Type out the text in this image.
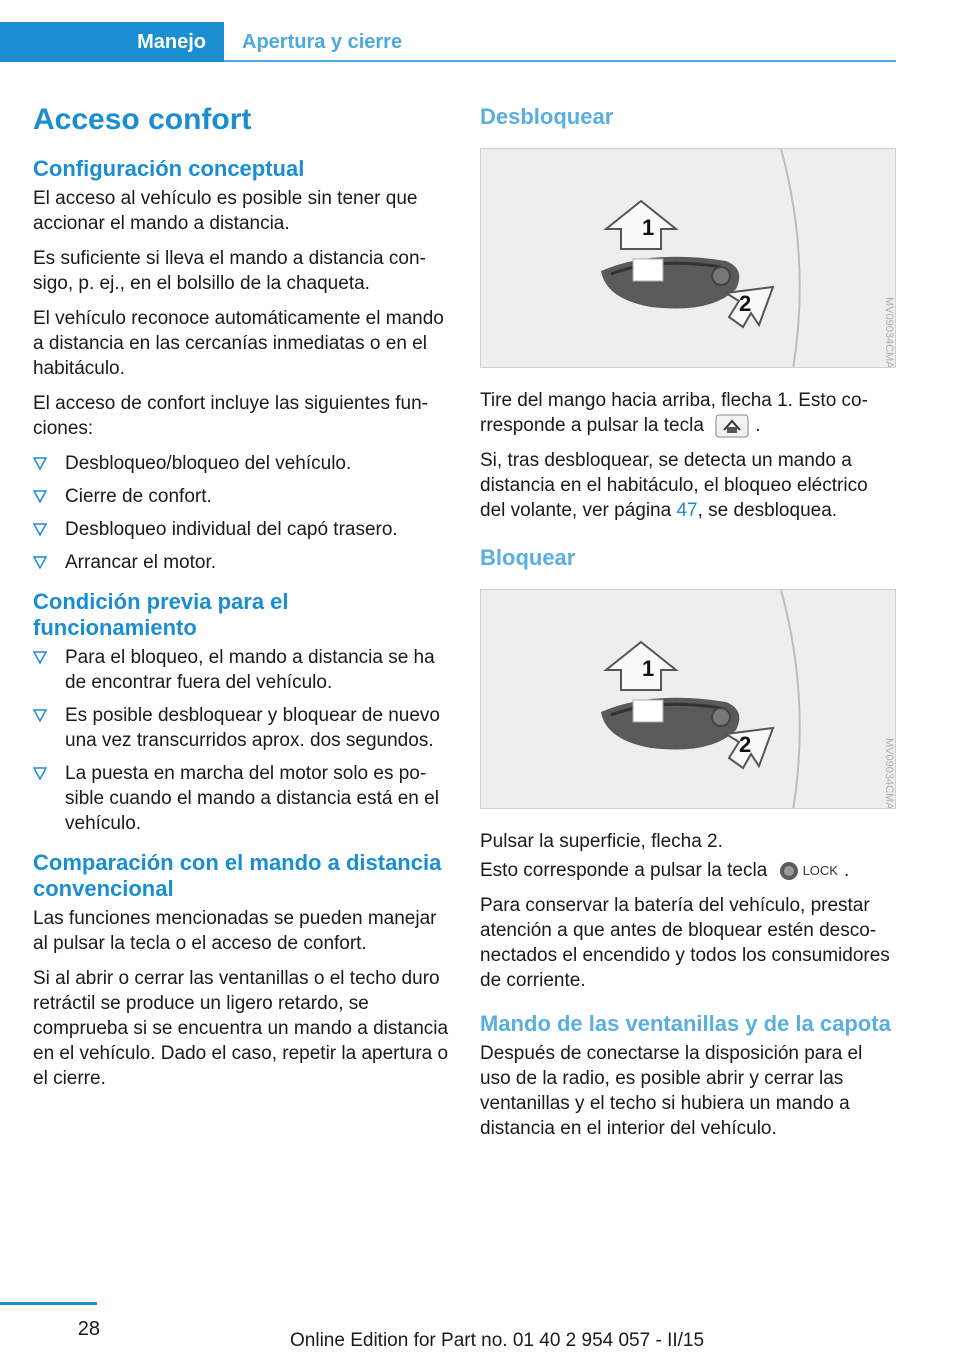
Manejo	Apertura y cierre
Acceso confort
Configuración conceptual

El acceso al vehículo es posible sin tener que accionar el mando a distancia.

Es suficiente si lleva el mando a distancia consigo, p. ej., en el bolsillo de la chaqueta.

El vehículo reconoce automáticamente el mando a distancia en las cercanías inmediatas o en el habitáculo.

El acceso de confort incluye las siguientes funciones:

Desbloqueo/bloqueo del vehículo.
Cierre de confort.
Desbloqueo individual del capó trasero.
Arrancar el motor.
Condición previa para el funcionamiento
Para el bloqueo, el mando a distancia se ha de encontrar fuera del vehículo.
Es posible desbloquear y bloquear de nuevo una vez transcurridos aprox. dos segundos.
La puesta en marcha del motor solo es posible cuando el mando a distancia está en el vehículo.
Comparación con el mando a distancia convencional

Las funciones mencionadas se pueden manejar al pulsar la tecla o el acceso de confort.

Si al abrir o cerrar las ventanillas o el techo duro retráctil se produce un ligero retardo, se comprueba si se encuentra un mando a distancia en el vehículo. Dado el caso, repetir la apertura o el cierre.

Desbloquear
1
2

Tire del mango hacia arriba, flecha 1. Esto corresponde a pulsar la tecla	.

Si, tras desbloquear, se detecta un mando a distancia en el habitáculo, el bloqueo eléctrico del volante, ver página 47, se desbloquea.

Bloquear
1
2

Pulsar la superficie, flecha 2.

Esto corresponde a pulsar la tecla	LOCK .

Para conservar la batería del vehículo, prestar atención a que antes de bloquear estén desconectados el encendido y todos los consumidores de corriente.

Mando de las ventanillas y de la capota

Después de conectarse la disposición para el uso de la radio, es posible abrir y cerrar las ventanillas y el techo si hubiera un mando a distancia en el interior del vehículo.

28
Online Edition for Part no. 01 40 2 954 057 - II/15
